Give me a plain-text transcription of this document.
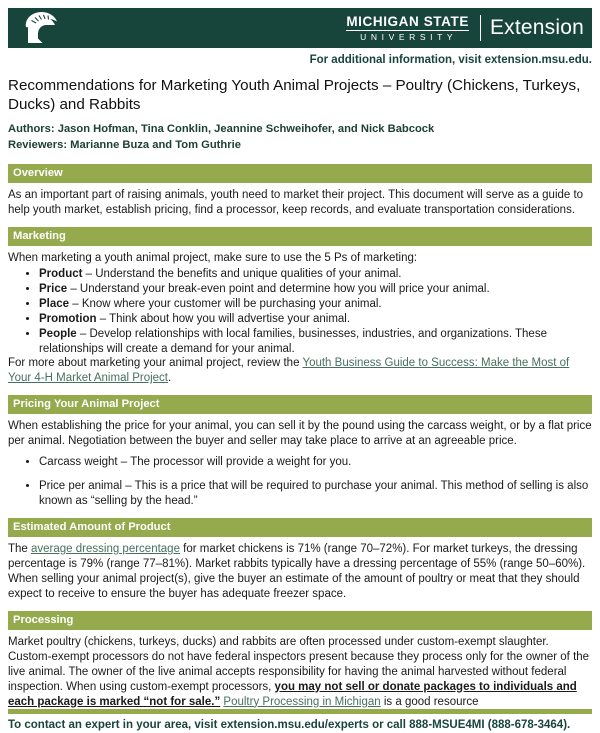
MICHIGAN STATE
UNIVERSITY Extension
For additional information, visit extension.msu.edu.
Recommendations for Marketing Youth Animal Projects – Poultry (Chickens, Turkeys, Ducks) and Rabbits

Authors: Jason Hofman, Tina Conklin, Jeannine Schweihofer, and Nick Babcock

Reviewers: Marianne Buza and Tom Guthrie

Overview

As an important part of raising animals, youth need to market their project. This document will serve as a guide to help youth market, establish pricing, find a processor, keep records, and evaluate transportation considerations.

Marketing

When marketing a youth animal project, make sure to use the 5 Ps of marketing:

• Product – Understand the benefits and unique qualities of your animal.
• Price – Understand your break-even point and determine how you will price your animal.
• Place – Know where your customer will be purchasing your animal.
• Promotion – Think about how you will advertise your animal.
• People – Develop relationships with local families, businesses, industries, and organizations. These relationships will create a demand for your animal.

For more about marketing your animal project, review the Youth Business Guide to Success: Make the Most of Your 4-H Market Animal Project.

Pricing Your Animal Project

When establishing the price for your animal, you can sell it by the pound using the carcass weight, or by a flat price per animal. Negotiation between the buyer and seller may take place to arrive at an agreeable price.

• Carcass weight – The processor will provide a weight for you.
• Price per animal – This is a price that will be required to purchase your animal. This method of selling is also known as “selling by the head.”
Estimated Amount of Product

The average dressing percentage for market chickens is 71% (range 70–72%). For market turkeys, the dressing percentage is 79% (range 77–81%). Market rabbits typically have a dressing percentage of 55% (range 50–60%). When selling your animal project(s), give the buyer an estimate of the amount of poultry or meat that they should expect to receive to ensure the buyer has adequate freezer space.

Processing

Market poultry (chickens, turkeys, ducks) and rabbits are often processed under custom-exempt slaughter. Custom-exempt processors do not have federal inspectors present because they process only for the owner of the live animal. The owner of the live animal accepts responsibility for having the animal harvested without federal inspection. When using custom-exempt processors, you may not sell or donate packages to individuals and each package is marked “not for sale.” Poultry Processing in Michigan is a good resource

To contact an expert in your area, visit extension.msu.edu/experts or call 888-MSUE4MI (888-678-3464).
